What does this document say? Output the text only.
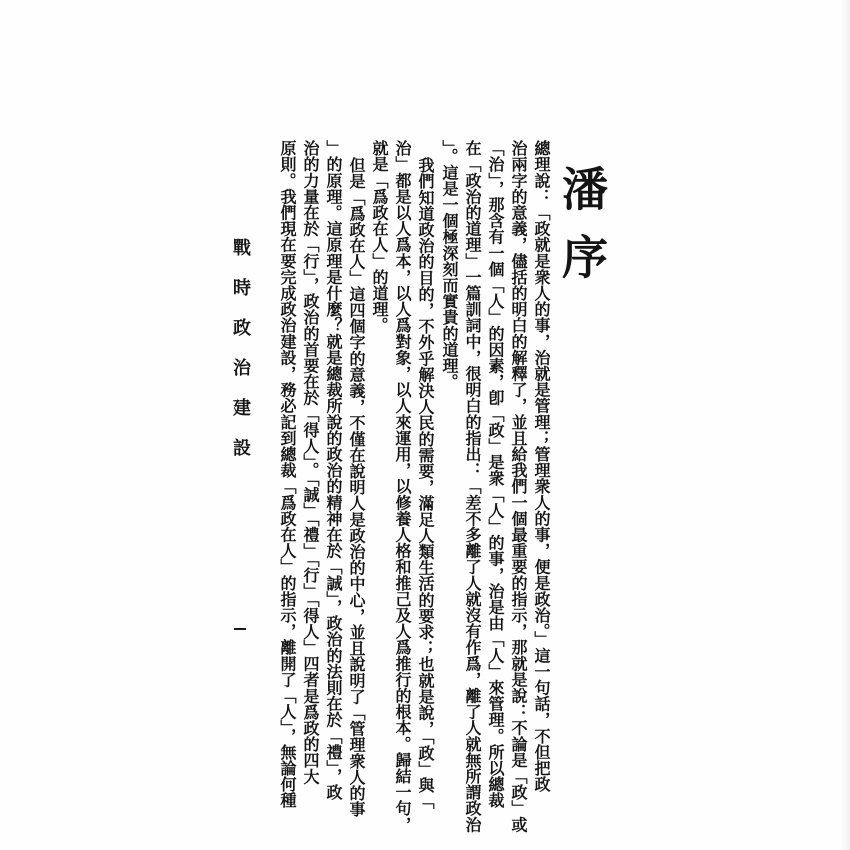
潘序
總理說：「政就是衆人的事，治就是管理；管理衆人的事，便是政治。」這一句話，不但把政
治兩字的意義，儘括的明白的解釋了，並且給我們一個最重要的指示，那就是說：不論是「政」或
「治」，那含有一個「人」的因素，卽「政」是衆「人」的事，治是由「人」來管理。所以總裁
在「政治的道理」一篇訓詞中，很明白的指出：「差不多離了人就沒有作爲，離了人就無所謂政治
」。這是一個極深刻而實貴的道理。
我們知道政治的目的，不外乎解決人民的需要，滿足人類生活的要求；也就是說，「政」與「
治」都是以人爲本，以人爲對象，以人來運用，以修養人格和推己及人爲推行的根本。歸結一句，
就是「爲政在人」的道理。
但是「爲政在人」這四個字的意義，不僅在說明人是政治的中心，並且說明了「管理衆人的事
」的原理。這原理是什麼？就是總裁所說的政治的精神在於「誠」，政治的法則在於「禮」，政
治的力量在於「行」，政治的首要在於「得人」。「誠」「禮」「行」「得人」四者是爲政的四大
原則。我們現在要完成政治建設，務必記到總裁「爲政在人」的指示，離開了「人」，無論何種
戰時政治建設
